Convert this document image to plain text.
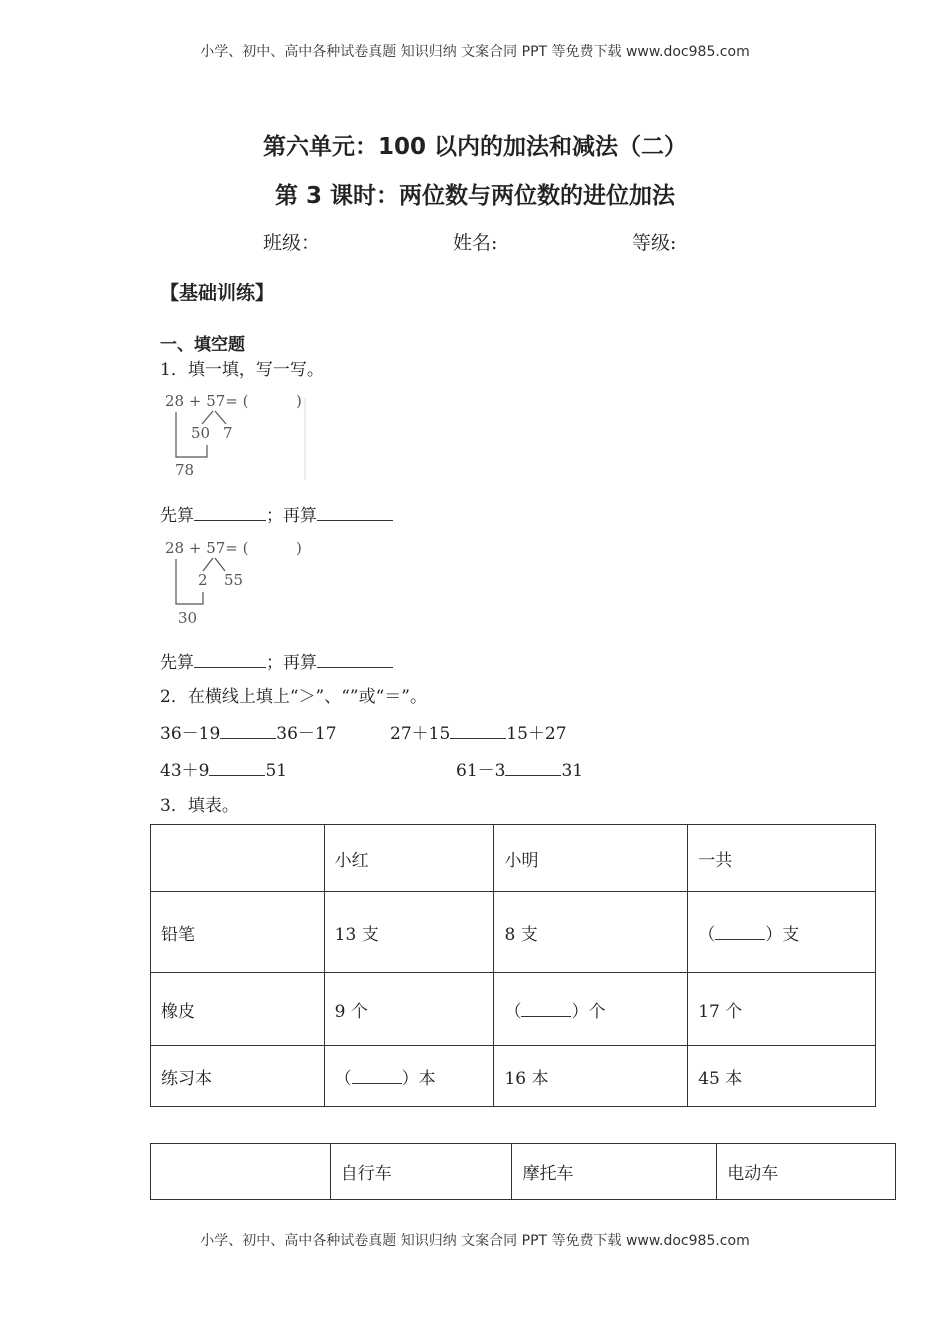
小学、初中、高中各种试卷真题 知识归纳 文案合同 PPT 等免费下载 www.doc985.com
第六单元：100 以内的加法和减法（二）
第 3 课时：两位数与两位数的进位加法
班级：	姓名:	等级:
【基础训练】
一、填空题
1．填一填，写一写。
28 + 57= (	)
50 7
78
先算	；再算
28 + 57= (	)
2 55
30
先算	；再算
2．在横线上填上“＞”、“”或“＝”。
36－19	36－17	27＋15	15＋27
43＋9	51	61－3	31
3．填表。
	小红	小明	一共
铅笔	13 支	8 支	（ ）支
橡皮	9 个	（ ）个	17 个
练习本	（ ）本	16 本	45 本
	自行车	摩托车	电动车
小学、初中、高中各种试卷真题 知识归纳 文案合同 PPT 等免费下载 www.doc985.com
